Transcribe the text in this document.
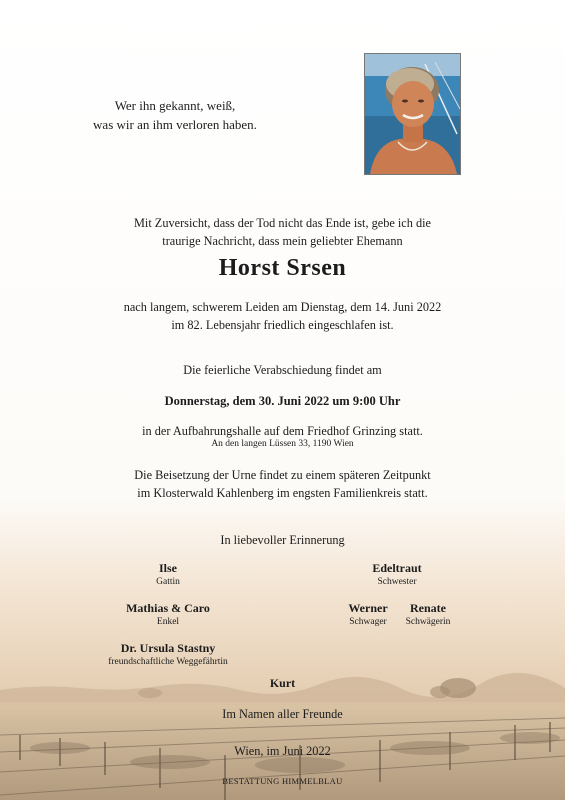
Wer ihn gekannt, weiß,
was wir an ihm verloren haben.
Mit Zuversicht, dass der Tod nicht das Ende ist, gebe ich die
traurige Nachricht, dass mein geliebter Ehemann
Horst Srsen
nach langem, schwerem Leiden am Dienstag, dem 14. Juni 2022
im 82. Lebensjahr friedlich eingeschlafen ist.
Die feierliche Verabschiedung findet am
Donnerstag, dem 30. Juni 2022 um 9:00 Uhr
in der Aufbahrungshalle auf dem Friedhof Grinzing statt.
An den langen Lüssen 33, 1190 Wien
Die Beisetzung der Urne findet zu einem späteren Zeitpunkt
im Klosterwald Kahlenberg im engsten Familienkreis statt.
In liebevoller Erinnerung
Ilse
Gattin
Edeltraut
Schwester
Mathias & Caro
Enkel
Werner
Schwager
Renate
Schwägerin
Dr. Ursula Stastny
freundschaftliche Weggefährtin
Kurt
Im Namen aller Freunde
Wien, im Juni 2022
BESTATTUNG HIMMELBLAU
